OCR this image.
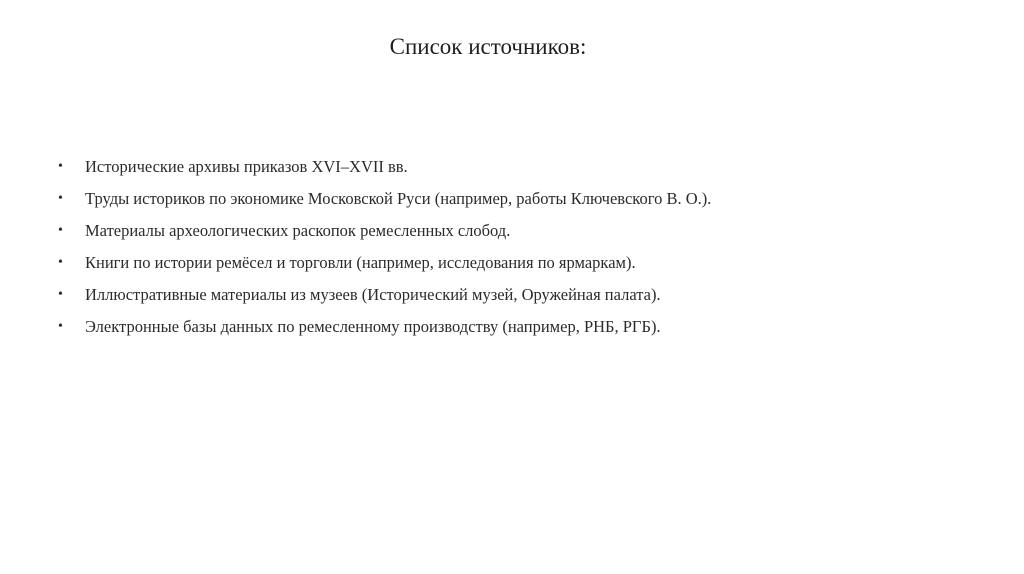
Список источников:
• Исторические архивы приказов XVI–XVII вв.
• Труды историков по экономике Московской Руси (например, работы Ключевского В. О.).
• Материалы археологических раскопок ремесленных слобод.
• Книги по истории ремёсел и торговли (например, исследования по ярмаркам).
• Иллюстративные материалы из музеев (Исторический музей, Оружейная палата).
• Электронные базы данных по ремесленному производству (например, РНБ, РГБ).
